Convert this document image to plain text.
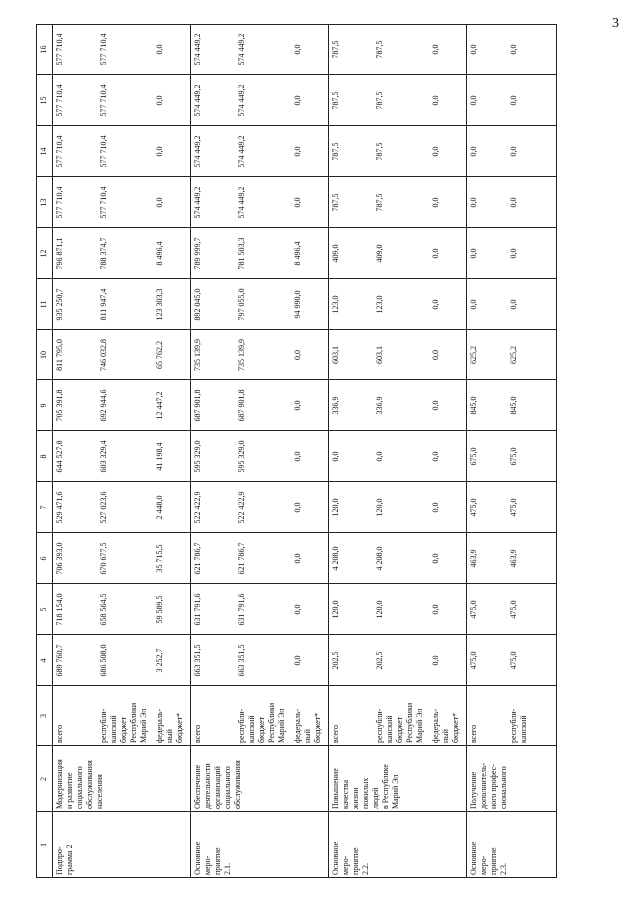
3
1
2
3
4
5
6
7
8
9
10
11
12
13
14
15
16
Подпро-
грамма 2
Модернизация
и развитие
социального
обслуживания
населения
всего
689 760,7
718 154,0
706 393,0
529 471,6
644 527,8
705 391,8
811 795,0
935 250,7
796 871,1
577 710,4
577 710,4
577 710,4
577 710,4
республи-
канский
бюджет
Республики
Марий Эл
686 508,0
658 564,5
670 677,5
527 023,6
603 329,4
692 944,6
746 032,8
811 947,4
788 374,7
577 710,4
577 710,4
577 710,4
577 710,4
федераль-
ный
бюджет*
3 252,7
59 589,5
35 715,5
2 448,0
41 198,4
12 447,2
65 762,2
123 303,3
8 496,4
0,0
0,0
0,0
0,0
Основное
меро-
приятие
2.1.
Обеспечение
деятельности
организаций
социального
обслуживания
всего
663 351,5
631 791,6
621 786,7
522 422,9
595 329,0
687 901,8
735 139,9
892 045,0
789 999,7
574 449,2
574 449,2
574 449,2
574 449,2
республи-
канский
бюджет
Республики
Марий Эл
663 351,5
631 791,6
621 786,7
522 422,9
595 329,0
687 901,8
735 139,9
797 055,0
781 503,3
574 449,2
574 449,2
574 449,2
574 449,2
федераль-
ный
бюджет*
0,0
0,0
0,0
0,0
0,0
0,0
0,0
94 990,0
8 496,4
0,0
0,0
0,0
0,0
Основное
меро-
приятие
2.2.
Повышение
качества
жизни
пожилых
людей
в Республике
Марий Эл
всего
202,5
120,0
4 208,0
120,0
0,0
336,9
603,1
123,0
409,0
787,5
787,5
787,5
787,5
республи-
канский
бюджет
Республики
Марий Эл
202,5
120,0
4 208,0
120,0
0,0
336,9
603,1
123,0
409,0
787,5
787,5
787,5
787,5
федераль-
ный
бюджет*
0,0
0,0
0,0
0,0
0,0
0,0
0,0
0,0
0,0
0,0
0,0
0,0
0,0
Основное
меро-
приятие
2.3.
Получение
дополнитель-
ного профес-
сионального
всего
475,0
475,0
463,9
475,0
675,0
845,0
625,2
0,0
0,0
0,0
0,0
0,0
0,0
республи-
канский
475,0
475,0
463,9
475,0
675,0
845,0
625,2
0,0
0,0
0,0
0,0
0,0
0,0
